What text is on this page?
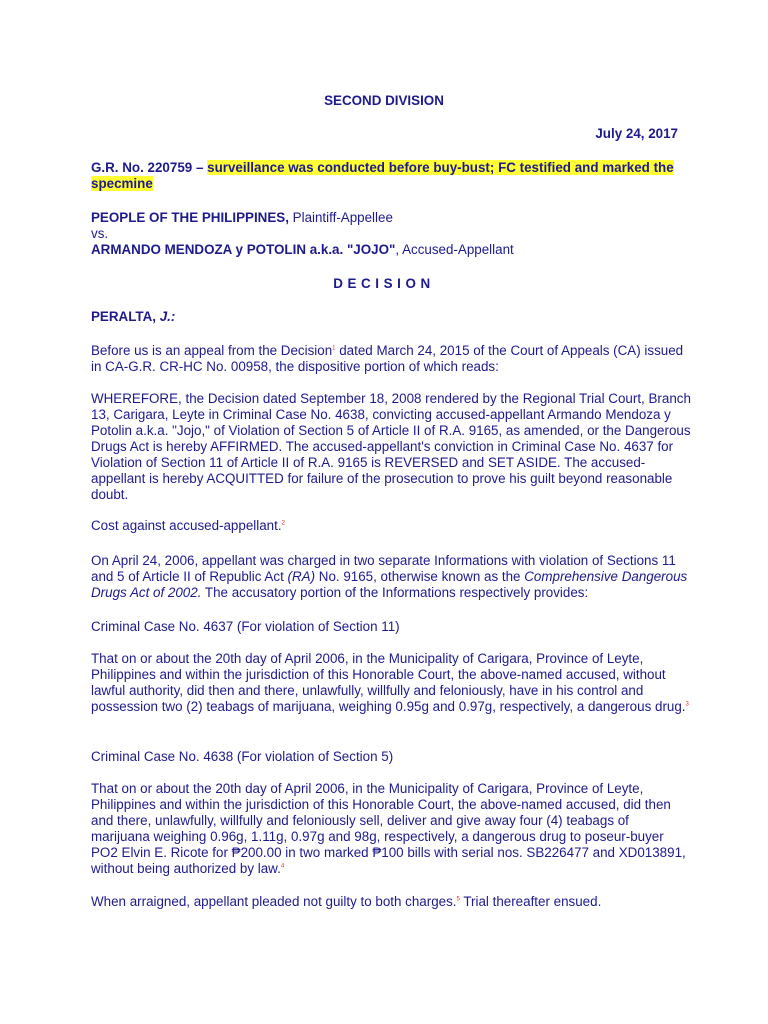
SECOND DIVISION
July 24, 2017
G.R. No. 220759 – surveillance was conducted before buy-bust; FC testified and marked the specmine
PEOPLE OF THE PHILIPPINES, Plaintiff-Appellee
vs.
ARMANDO MENDOZA y POTOLIN a.k.a. "JOJO", Accused-Appellant
DECISION
PERALTA, J.:
Before us is an appeal from the Decision$^1$ dated March 24, 2015 of the Court of Appeals (CA) issued in CA-G.R. CR-HC No. 00958, the dispositive portion of which reads:
WHEREFORE, the Decision dated September 18, 2008 rendered by the Regional Trial Court, Branch 13, Carigara, Leyte in Criminal Case No. 4638, convicting accused-appellant Armando Mendoza y Potolin a.k.a. "Jojo," of Violation of Section 5 of Article II of R.A. 9165, as amended, or the Dangerous Drugs Act is hereby AFFIRMED. The accused-appellant's conviction in Criminal Case No. 4637 for Violation of Section 11 of Article II of R.A. 9165 is REVERSED and SET ASIDE. The accused-appellant is hereby ACQUITTED for failure of the prosecution to prove his guilt beyond reasonable doubt.
Cost against accused-appellant.$^2$
On April 24, 2006, appellant was charged in two separate Informations with violation of Sections 11 and 5 of Article II of Republic Act (RA) No. 9165, otherwise known as the Comprehensive Dangerous Drugs Act of 2002. The accusatory portion of the Informations respectively provides:
Criminal Case No. 4637 (For violation of Section 11)
That on or about the 20th day of April 2006, in the Municipality of Carigara, Province of Leyte, Philippines and within the jurisdiction of this Honorable Court, the above-named accused, without lawful authority, did then and there, unlawfully, willfully and feloniously, have in his control and possession two (2) teabags of marijuana, weighing 0.95g and 0.97g, respectively, a dangerous drug.$^3$
Criminal Case No. 4638 (For violation of Section 5)
That on or about the 20th day of April 2006, in the Municipality of Carigara, Province of Leyte, Philippines and within the jurisdiction of this Honorable Court, the above-named accused, did then and there, unlawfully, willfully and feloniously sell, deliver and give away four (4) teabags of marijuana weighing 0.96g, 1.11g, 0.97g and 98g, respectively, a dangerous drug to poseur-buyer PO2 Elvin E. Ricote for ₱200.00 in two marked ₱100 bills with serial nos. SB226477 and XD013891, without being authorized by law.$^4$
When arraigned, appellant pleaded not guilty to both charges.$^5$ Trial thereafter ensued.
